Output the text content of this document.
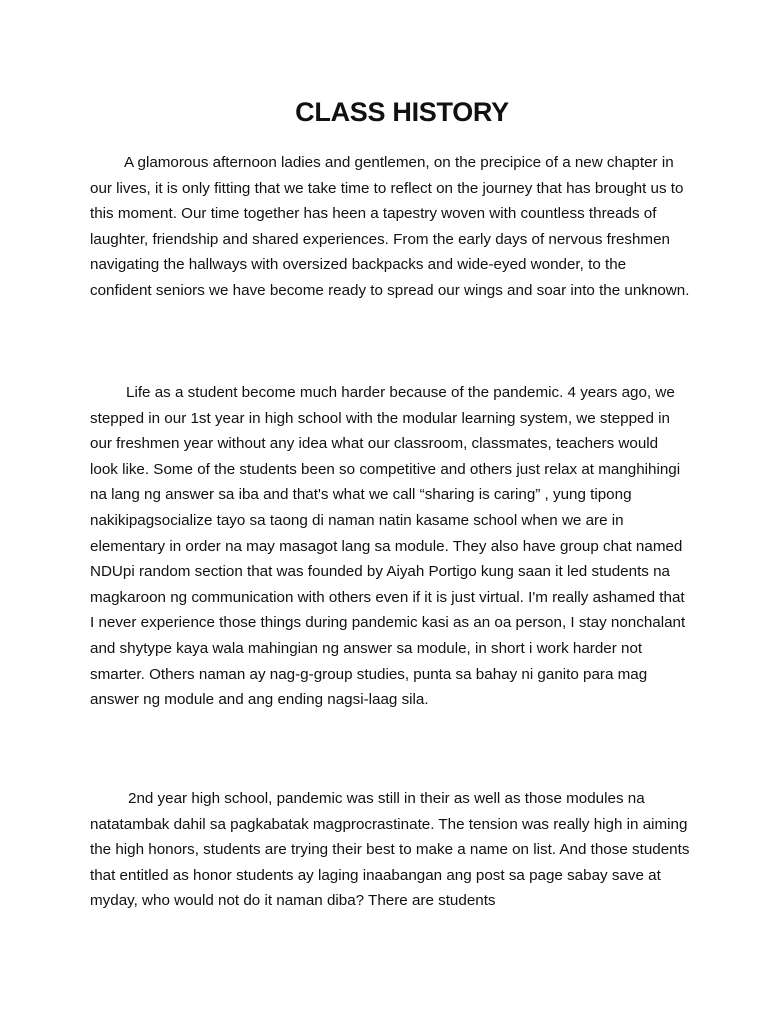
CLASS HISTORY

A glamorous afternoon ladies and gentlemen, on the precipice of a new chapter in our lives, it is only fitting that we take time to reflect on the journey that has brought us to this moment. Our time together has heen a tapestry woven with countless threads of laughter, friendship and shared experiences. From the early days of nervous freshmen navigating the hallways with oversized backpacks and wide-eyed wonder, to the confident seniors we have become ready to spread our wings and soar into the unknown.

Life as a student become much harder because of the pandemic. 4 years ago, we stepped in our 1st year in high school with the modular learning system, we stepped in our freshmen year without any idea what our classroom, classmates, teachers would look like. Some of the students been so competitive and others just relax at manghihingi na lang ng answer sa iba and that's what we call “sharing is caring” , yung tipong nakikipagsocialize tayo sa taong di naman natin kasame school when we are in elementary in order na may masagot lang sa module. They also have group chat named NDUpi random section that was founded by Aiyah Portigo kung saan it led students na magkaroon ng communication with others even if it is just virtual. I'm really ashamed that I never experience those things during pandemic kasi as an oa person, I stay nonchalant and shytype kaya wala mahingian ng answer sa module, in short i work harder not smarter. Others naman ay nag-g-group studies, punta sa bahay ni ganito para mag answer ng module and ang ending nagsi-laag sila.

2nd year high school, pandemic was still in their as well as those modules na natatambak dahil sa pagkabatak magprocrastinate. The tension was really high in aiming the high honors, students are trying their best to make a name on list. And those students that entitled as honor students ay laging inaabangan ang post sa page sabay save at myday, who would not do it naman diba? There are students
